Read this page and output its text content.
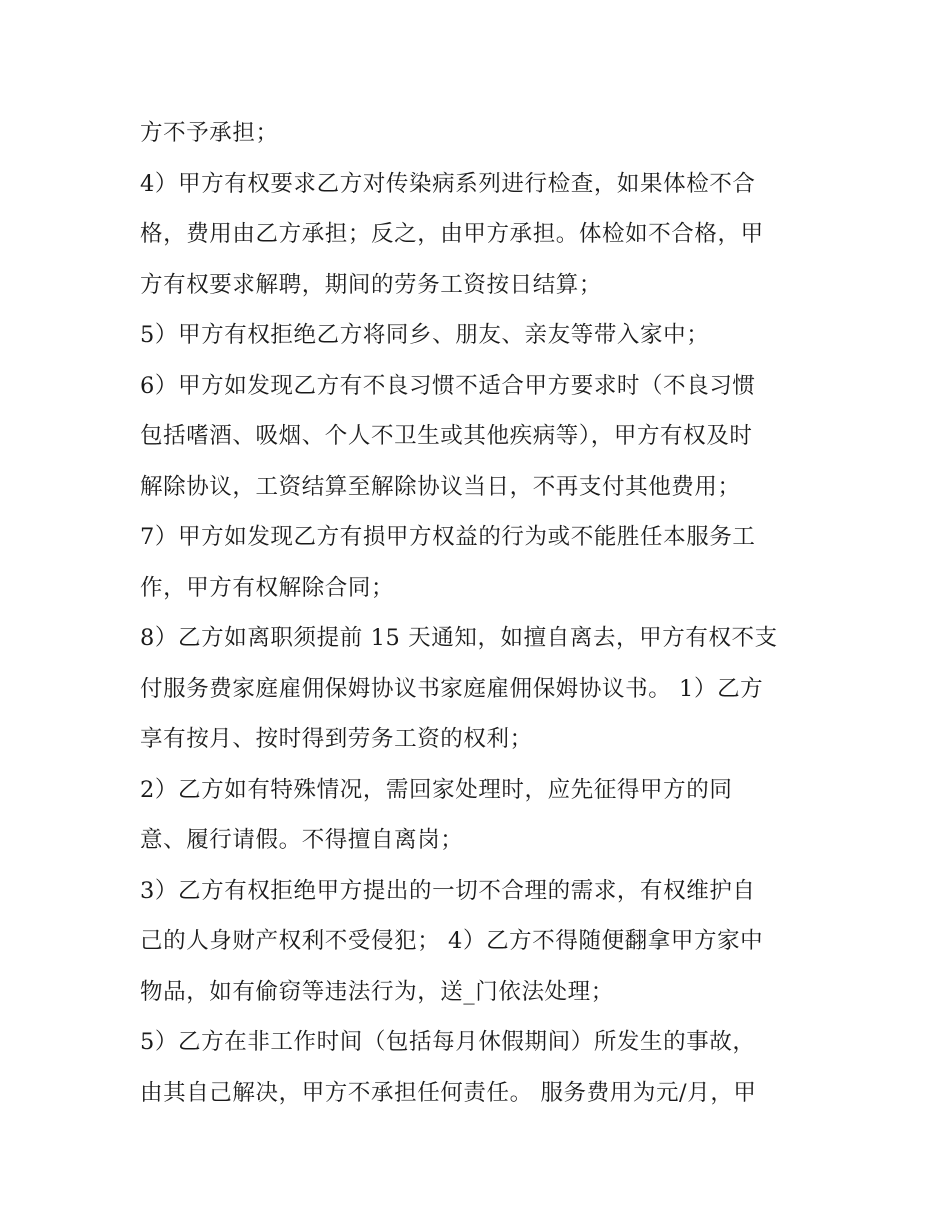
方不予承担；
4）甲方有权要求乙方对传染病系列进行检查，如果体检不合
格，费用由乙方承担；反之，由甲方承担。体检如不合格，甲
方有权要求解聘，期间的劳务工资按日结算；
5）甲方有权拒绝乙方将同乡、朋友、亲友等带入家中；
6）甲方如发现乙方有不良习惯不适合甲方要求时（不良习惯
包括嗜酒、吸烟、个人不卫生或其他疾病等），甲方有权及时
解除协议，工资结算至解除协议当日，不再支付其他费用；
7）甲方如发现乙方有损甲方权益的行为或不能胜任本服务工
作，甲方有权解除合同；
8）乙方如离职须提前 15 天通知，如擅自离去，甲方有权不支
付服务费家庭雇佣保姆协议书家庭雇佣保姆协议书。 1）乙方
享有按月、按时得到劳务工资的权利；
2）乙方如有特殊情况，需回家处理时，应先征得甲方的同
意、履行请假。不得擅自离岗；
3）乙方有权拒绝甲方提出的一切不合理的需求，有权维护自
己的人身财产权利不受侵犯； 4）乙方不得随便翻拿甲方家中
物品，如有偷窃等违法行为，送_门依法处理；
5）乙方在非工作时间（包括每月休假期间）所发生的事故，
由其自己解决，甲方不承担任何责任。 服务费用为元/月，甲
